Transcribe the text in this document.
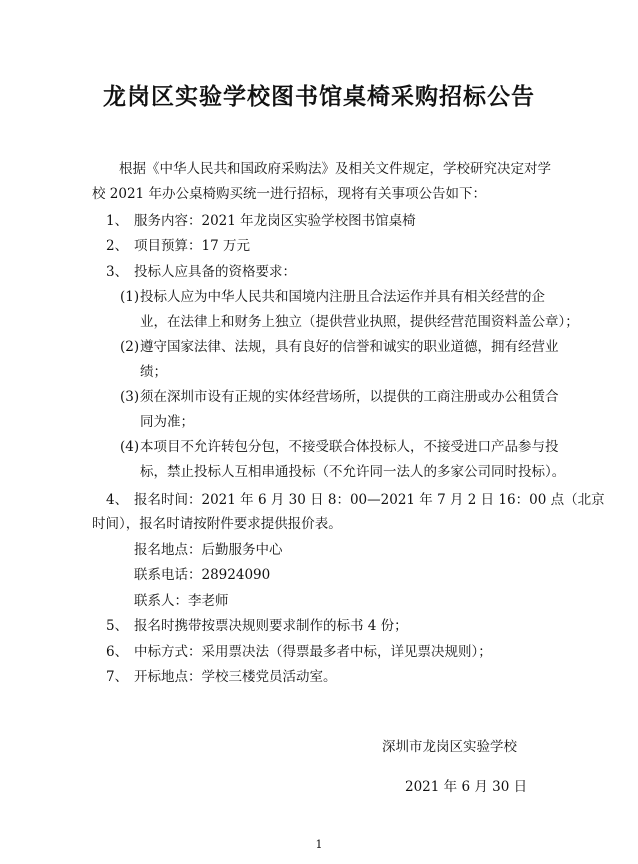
龙岗区实验学校图书馆桌椅采购招标公告
根据《中华人民共和国政府采购法》及相关文件规定，学校研究决定对学
校 2021 年办公桌椅购买统一进行招标，现将有关事项公告如下：
1、 服务内容：2021 年龙岗区实验学校图书馆桌椅
2、 项目预算：17 万元
3、 投标人应具备的资格要求：
(1)投标人应为中华人民共和国境内注册且合法运作并具有相关经营的企
业，在法律上和财务上独立（提供营业执照，提供经营范围资料盖公章）；
(2)遵守国家法律、法规，具有良好的信誉和诚实的职业道德，拥有经营业
绩；
(3)须在深圳市设有正规的实体经营场所，以提供的工商注册或办公租赁合
同为准；
(4)本项目不允许转包分包，不接受联合体投标人，不接受进口产品参与投
标，禁止投标人互相串通投标（不允许同一法人的多家公司同时投标）。
4、 报名时间：2021 年 6 月 30 日 8：00—2021 年 7 月 2 日 16：00 点（北京
时间），报名时请按附件要求提供报价表。
报名地点：后勤服务中心
联系电话：28924090
联系人：李老师
5、 报名时携带按票决规则要求制作的标书 4 份；
6、 中标方式：采用票决法（得票最多者中标，详见票决规则）；
7、 开标地点：学校三楼党员活动室。
深圳市龙岗区实验学校
2021 年 6 月 30 日
1
